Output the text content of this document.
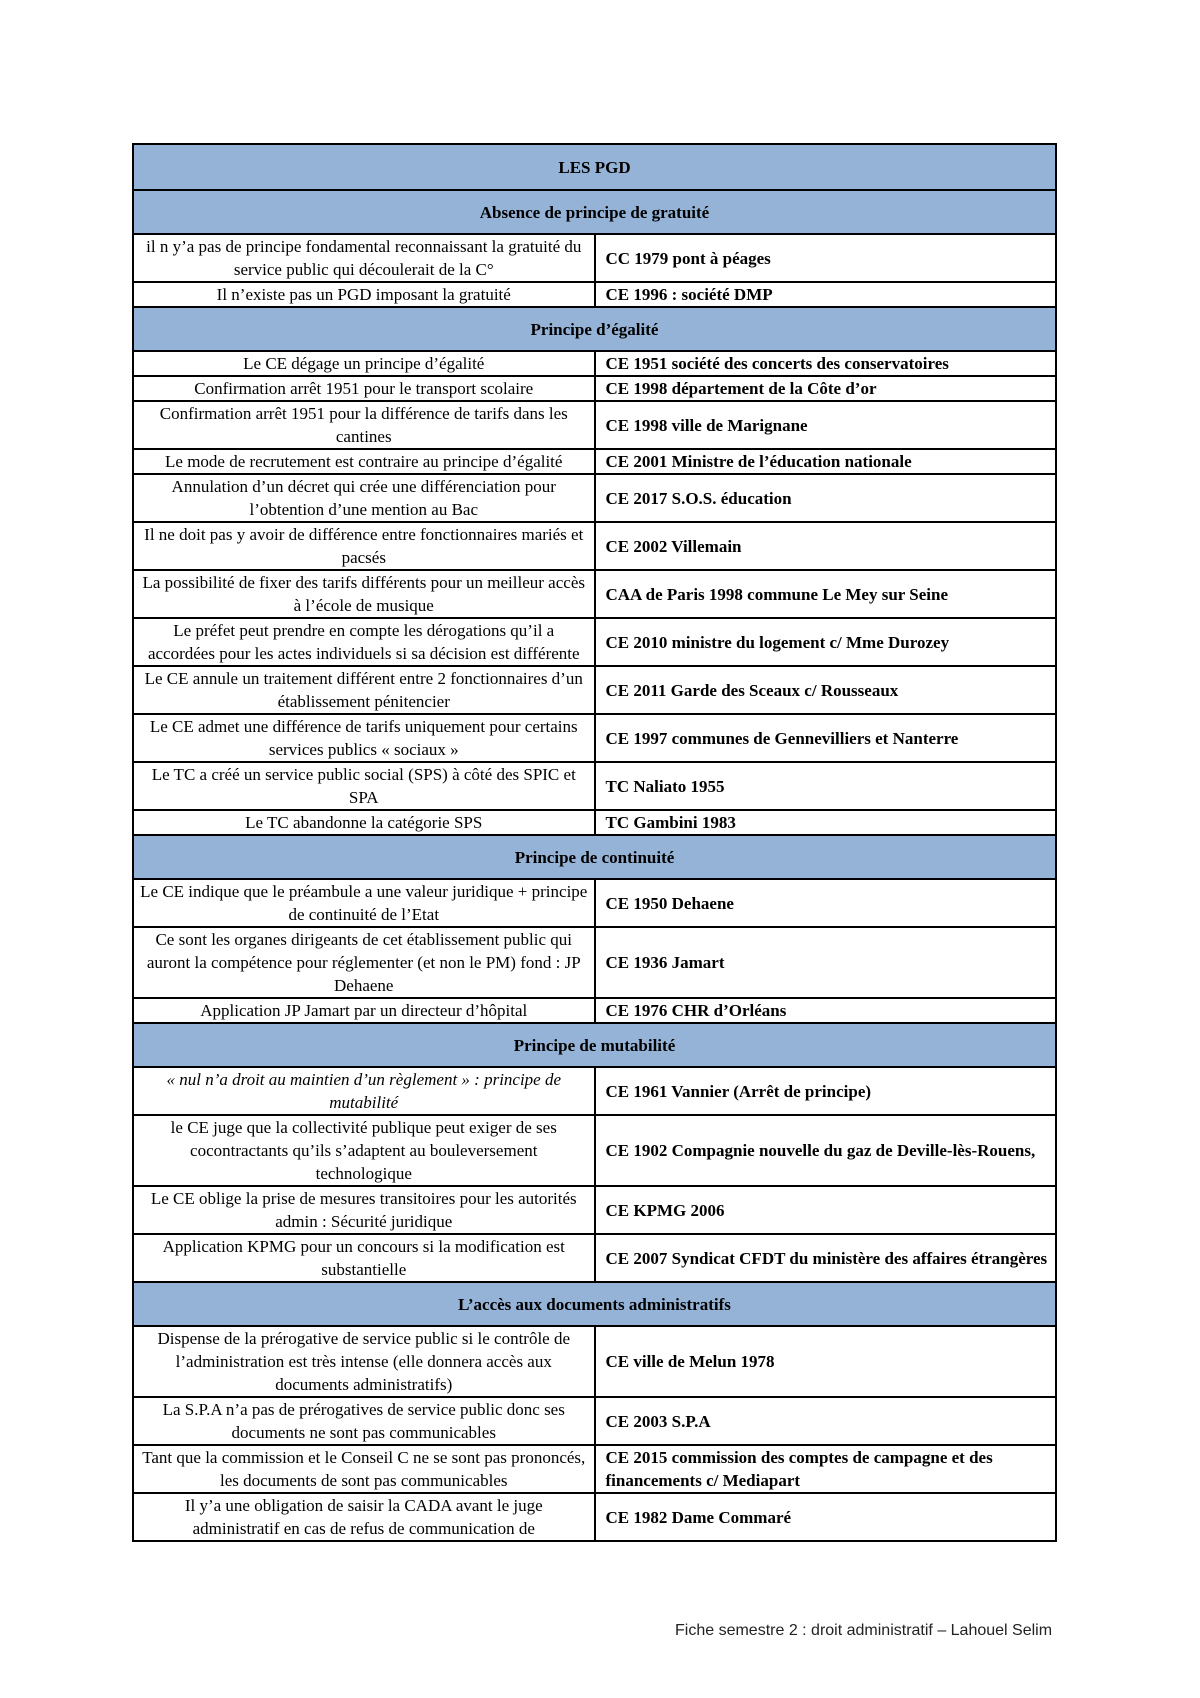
LES PGD	
Absence de principe de gratuité	
il n y’a pas de principe fondamental reconnaissant la gratuité du service public qui découlerait de la C°	CC 1979 pont à péages
Il n’existe pas un PGD imposant la gratuité	CE 1996 : société DMP
Principe d’égalité	
Le CE dégage un principe d’égalité	CE 1951 société des concerts des conservatoires
Confirmation arrêt 1951 pour le transport scolaire	CE 1998 département de la Côte d’or
Confirmation arrêt 1951 pour la différence de tarifs dans les cantines	CE 1998 ville de Marignane
Le mode de recrutement est contraire au principe d’égalité	CE 2001 Ministre de l’éducation nationale
Annulation d’un décret qui crée une différenciation pour l’obtention d’une mention au Bac	CE 2017 S.O.S. éducation
Il ne doit pas y avoir de différence entre fonctionnaires mariés et pacsés	CE 2002 Villemain
La possibilité de fixer des tarifs différents pour un meilleur accès à l’école de musique	CAA de Paris 1998 commune Le Mey sur Seine
Le préfet peut prendre en compte les dérogations qu’il a accordées pour les actes individuels si sa décision est différente	CE 2010 ministre du logement c/ Mme Durozey
Le CE annule un traitement différent entre 2 fonctionnaires d’un établissement pénitencier	CE 2011 Garde des Sceaux c/ Rousseaux
Le CE admet une différence de tarifs uniquement pour certains services publics « sociaux »	CE 1997 communes de Gennevilliers et Nanterre
Le TC a créé un service public social (SPS) à côté des SPIC et SPA	TC Naliato 1955
Le TC abandonne la catégorie SPS	TC Gambini 1983
Principe de continuité	
Le CE indique que le préambule a une valeur juridique + principe de continuité de l’Etat	CE 1950 Dehaene
Ce sont les organes dirigeants de cet établissement public qui auront la compétence pour réglementer (et non le PM) fond : JP Dehaene	CE 1936 Jamart
Application JP Jamart par un directeur d’hôpital	CE 1976 CHR d’Orléans
Principe de mutabilité	
« nul n’a droit au maintien d’un règlement » : principe de mutabilité	CE 1961 Vannier (Arrêt de principe)
le CE juge que la collectivité publique peut exiger de ses cocontractants qu’ils s’adaptent au bouleversement technologique	CE 1902 Compagnie nouvelle du gaz de Deville-lès-Rouens,
Le CE oblige la prise de mesures transitoires pour les autorités admin : Sécurité juridique	CE KPMG 2006
Application KPMG pour un concours si la modification est substantielle	CE 2007 Syndicat CFDT du ministère des affaires étrangères
L’accès aux documents administratifs	
Dispense de la prérogative de service public si le contrôle de l’administration est très intense (elle donnera accès aux documents administratifs)	CE ville de Melun 1978
La S.P.A n’a pas de prérogatives de service public donc ses documents ne sont pas communicables	CE 2003 S.P.A
Tant que la commission et le Conseil C ne se sont pas prononcés, les documents de sont pas communicables	CE 2015 commission des comptes de campagne et des financements c/ Mediapart
Il y’a une obligation de saisir la CADA avant le juge administratif en cas de refus de communication de	CE 1982 Dame Commaré
Fiche semestre 2 : droit administratif – Lahouel Selim
